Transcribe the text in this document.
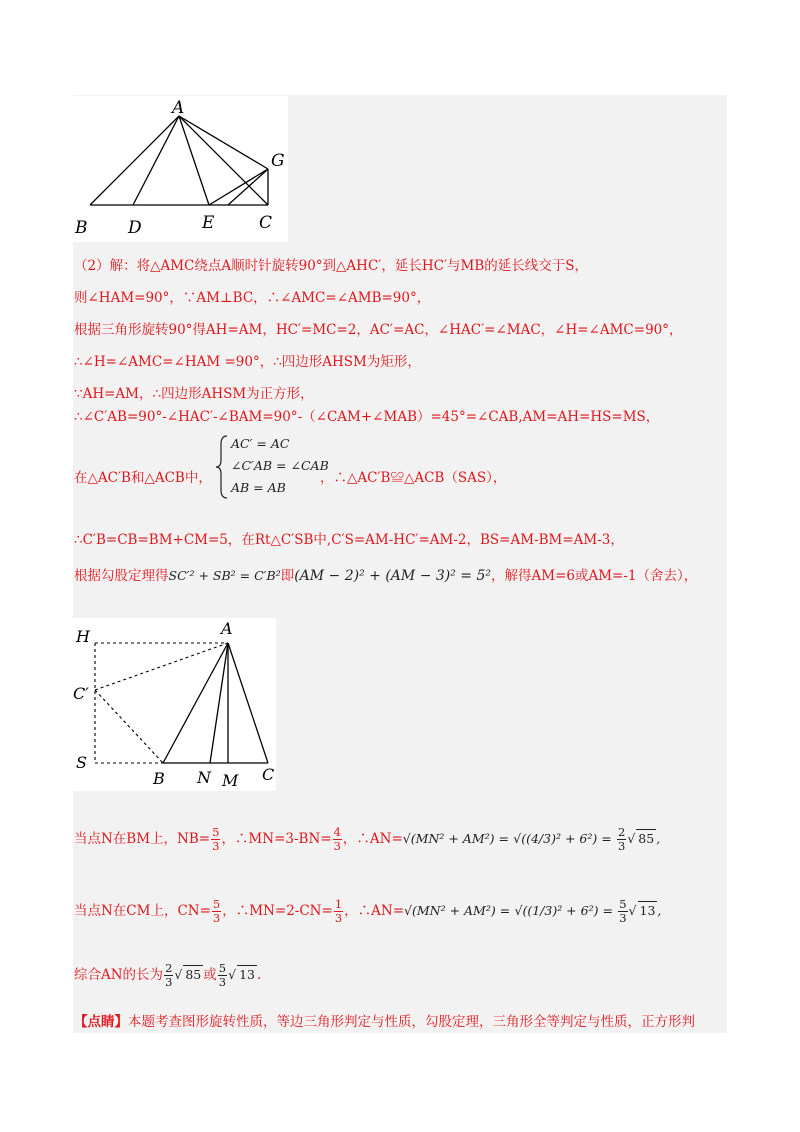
A
B D	E	C
G
（2）解：将△AMC绕点A顺时针旋转90°到△AHC′，延长HC′与MB的延长线交于S，
则∠HAM=90°，∵AM⊥BC，∴∠AMC=∠AMB=90°，
根据三角形旋转90°得AH=AM，HC′=MC=2，AC′=AC，∠HAC′=∠MAC，∠H=∠AMC=90°，
∴∠H=∠AMC=∠HAM =90°，∴四边形AHSM为矩形，
∵AH=AM，∴四边形AHSM为正方形，
∴∠C′AB=90°-∠HAC′-∠BAM=90°-（∠CAM+∠MAB）=45°=∠CAB,AM=AH=HS=MS，
在△AC′B和△ACB中，
AC′ = AC
∠C′AB = ∠CAB
AB = AB
，∴△AC′B≌△ACB（SAS），
∴C′B=CB=BM+CM=5，在Rt△C′SB中,C′S=AM-HC′=AM-2，BS=AM-BM=AM-3，
根据勾股定理得SC′² + SB² = C′B²即(AM − 2)² + (AM − 3)² = 5²，解得AM=6或AM=-1（舍去），
H	A
C′
S
B N M C
当点N在BM上，$NB= \frac{5}{3}$ ，∴MN=3-BN= $\frac{4}{3}$ ，∴AN=√(MN² + $AM^2) = √((4/3)^2 + 6^2) = \frac{2}{3}$ √ 85 ,
当点N在CM上，$CN= \frac{5}{3}$ ，∴MN=2-CN= $\frac{1}{3}$ ，∴AN=√(MN² + $AM^2) = √((1/3)^2 + 6^2) = \frac{5}{3}$ √ 13 ,
综合AN的长为 $\frac{2}{3}$ √ 85 或 $\frac{5}{3}$ √ 13 .
【点睛】本题考查图形旋转性质，等边三角形判定与性质，勾股定理，三角形全等判定与性质，正方形判
